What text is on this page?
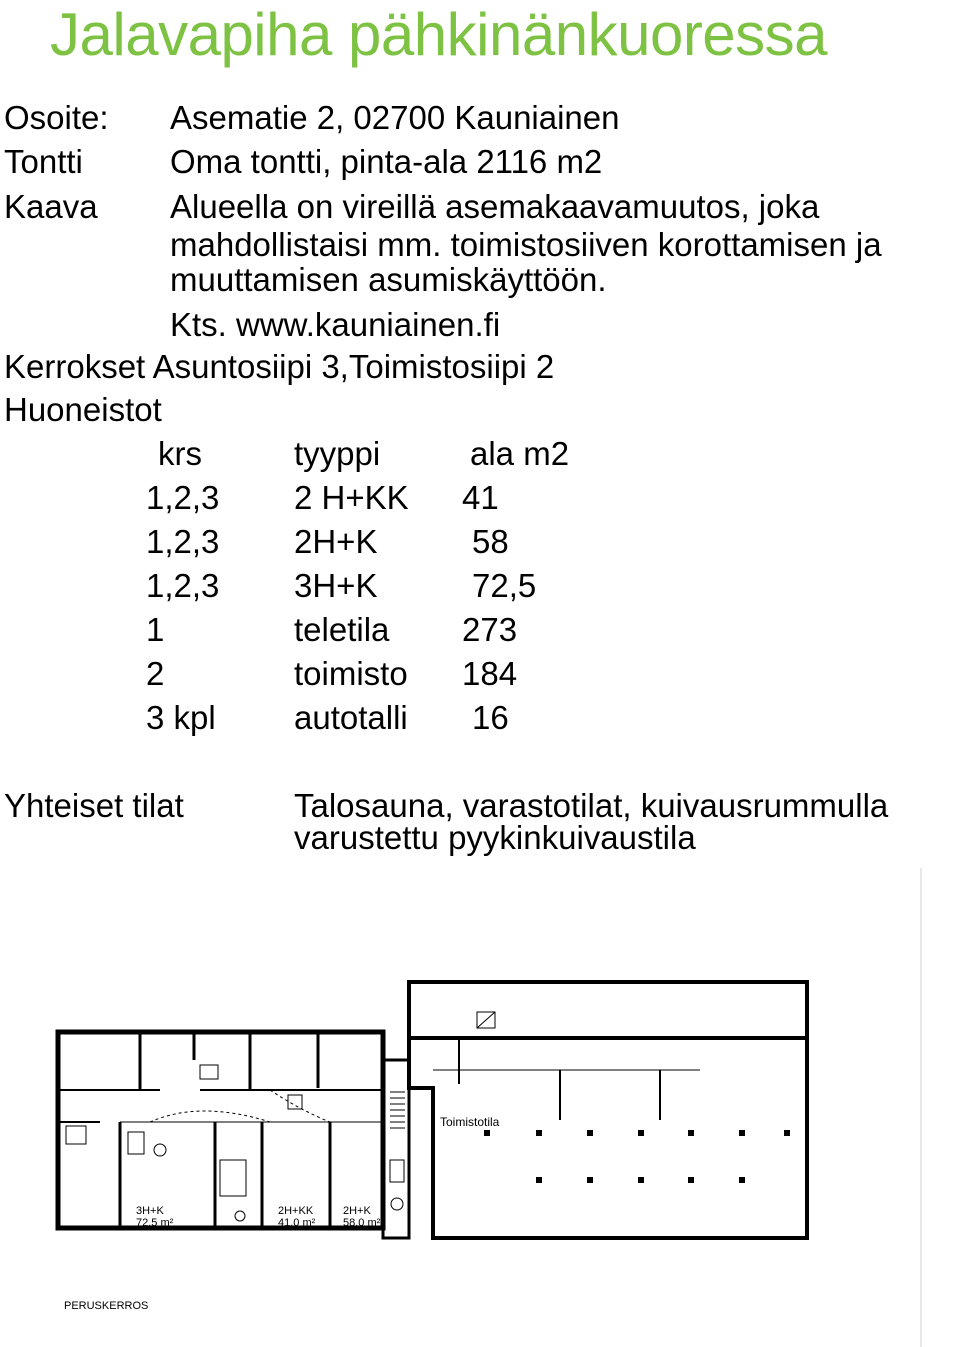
Jalavapiha pähkinänkuoressa
Osoite: Asematie 2, 02700 Kauniainen
Tontti	Oma tontti, pinta-ala 2116 m2
Kaava Alueella on vireillä asemakaavamuutos, joka
mahdollistaisi mm. toimistosiiven korottamisen ja
muuttamisen asumiskäyttöön.
Kts. www.kauniainen.fi
Kerrokset Asuntosiipi 3,Toimistosiipi 2
Huoneistot
krs	tyyppi	ala m2
1,2,3 2 H+KK 41
1,2,3 2H+K	58
1,2,3 3H+K	72,5
1	teletila 273
2	toimisto 184
3 kpl autotalli 16
Yhteiset tilat	Talosauna, varastotilat, kuivausrummulla
varustettu pyykinkuivaustila
Toimistotila
3H+K
72.5 m²
2H+KK
41.0 m²
2H+K
58.0 m²
PERUSKERROS
